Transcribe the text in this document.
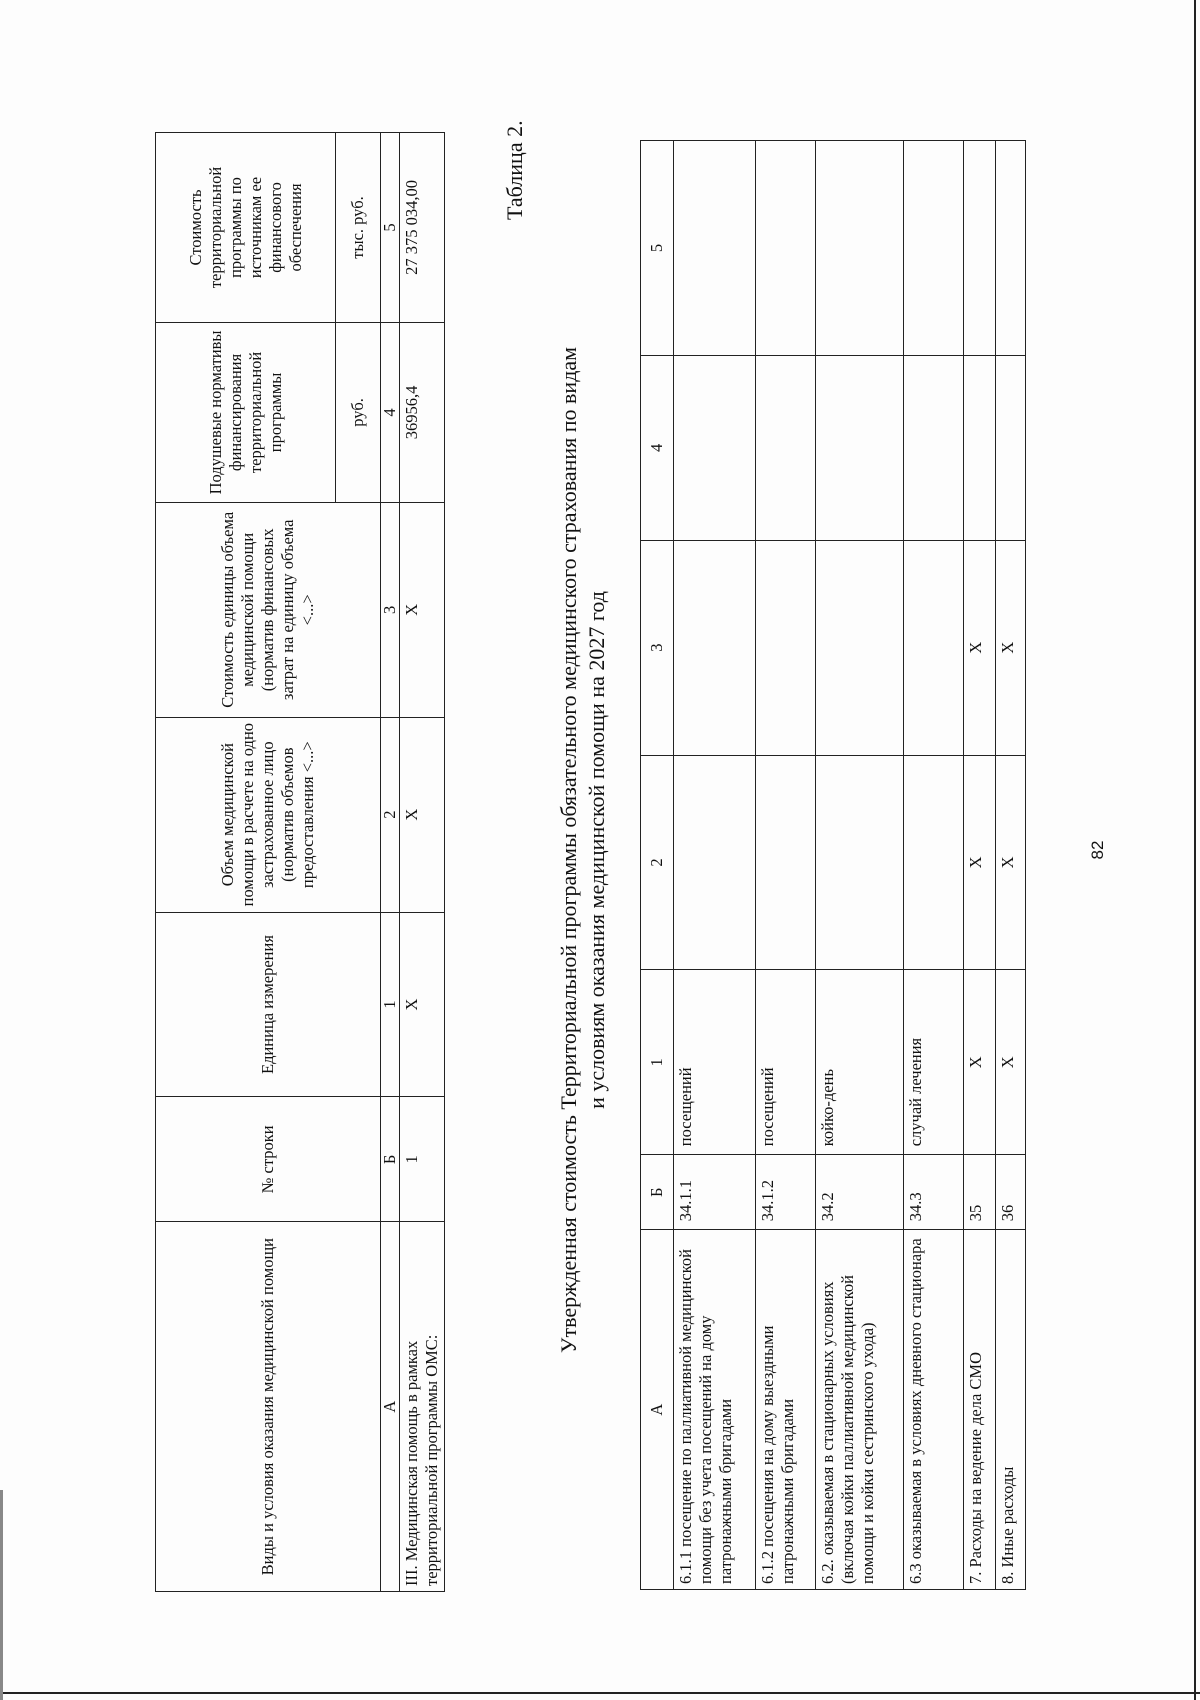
82
А	Б	1	2	3	4	5
6.1.1 посещение по паллиативной медицинской помощи без учета посещений на дому патронажными бригадами	34.1.1	посещений				
6.1.2 посещения на дому выездными патронажными бригадами	34.1.2	посещений				
6.2. оказываемая в стационарных условиях (включая койки паллиативной медицинской помощи и койки сестринского ухода)	34.2	койко-день				
6.3 оказываемая в условиях дневного стационара	34.3	случай лечения				
7. Расходы на ведение дела СМО	35	Х	Х	Х		
8. Иные расходы	36	Х	Х	Х		
Утвержденная стоимость Территориальной программы обязательного медицинского страхования по видам и условиям оказания медицинской помощи на 2027 год
Таблица 2.
Виды и условия оказания медицинской помощи	№ строки	Единица измерения	Объем медицинской помощи в расчете на одно застрахованное лицо (норматив объемов предоставления <...>	Стоимость единицы объема медицинской помощи (норматив финансовых затрат на единицу объема <...>	Подушевые нормативы финансирования территориальной программы	Стоимость территориальной программы по источникам ее финансового обеспечения
					руб.	тыс. руб.
А	Б	1	2	3	4	5
III. Медицинская помощь в рамках территориальной программы ОМС:	1	Х	Х	Х	36956,4	27 375 034,00
